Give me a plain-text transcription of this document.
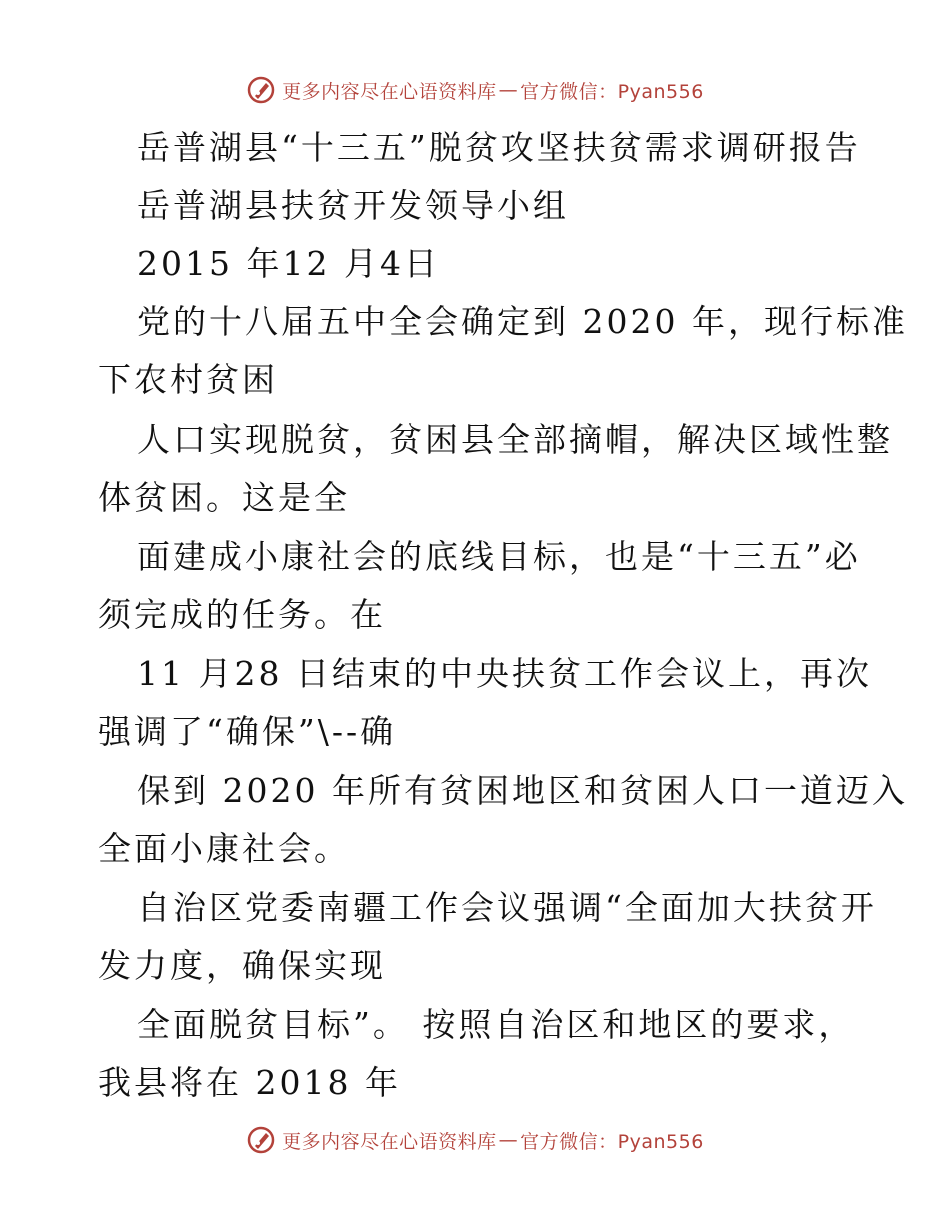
更多内容尽在心语资料库 — 官方微信：Pyan556
岳普湖县“十三五”脱贫攻坚扶贫需求调研报告
岳普湖县扶贫开发领导小组
2015 年12 月4日
党的十八届五中全会确定到 2020 年，现行标准
下农村贫困
人口实现脱贫，贫困县全部摘帽，解决区域性整
体贫困。这是全
面建成小康社会的底线目标，也是“十三五”必
须完成的任务。在
11 月28 日结束的中央扶贫工作会议上，再次
强调了“确保”\--确
保到 2020 年所有贫困地区和贫困人口一道迈入
全面小康社会。
自治区党委南疆工作会议强调“全面加大扶贫开
发力度，确保实现
全面脱贫目标”。 按照自治区和地区的要求，
我县将在 2018 年
更多内容尽在心语资料库 — 官方微信：Pyan556
